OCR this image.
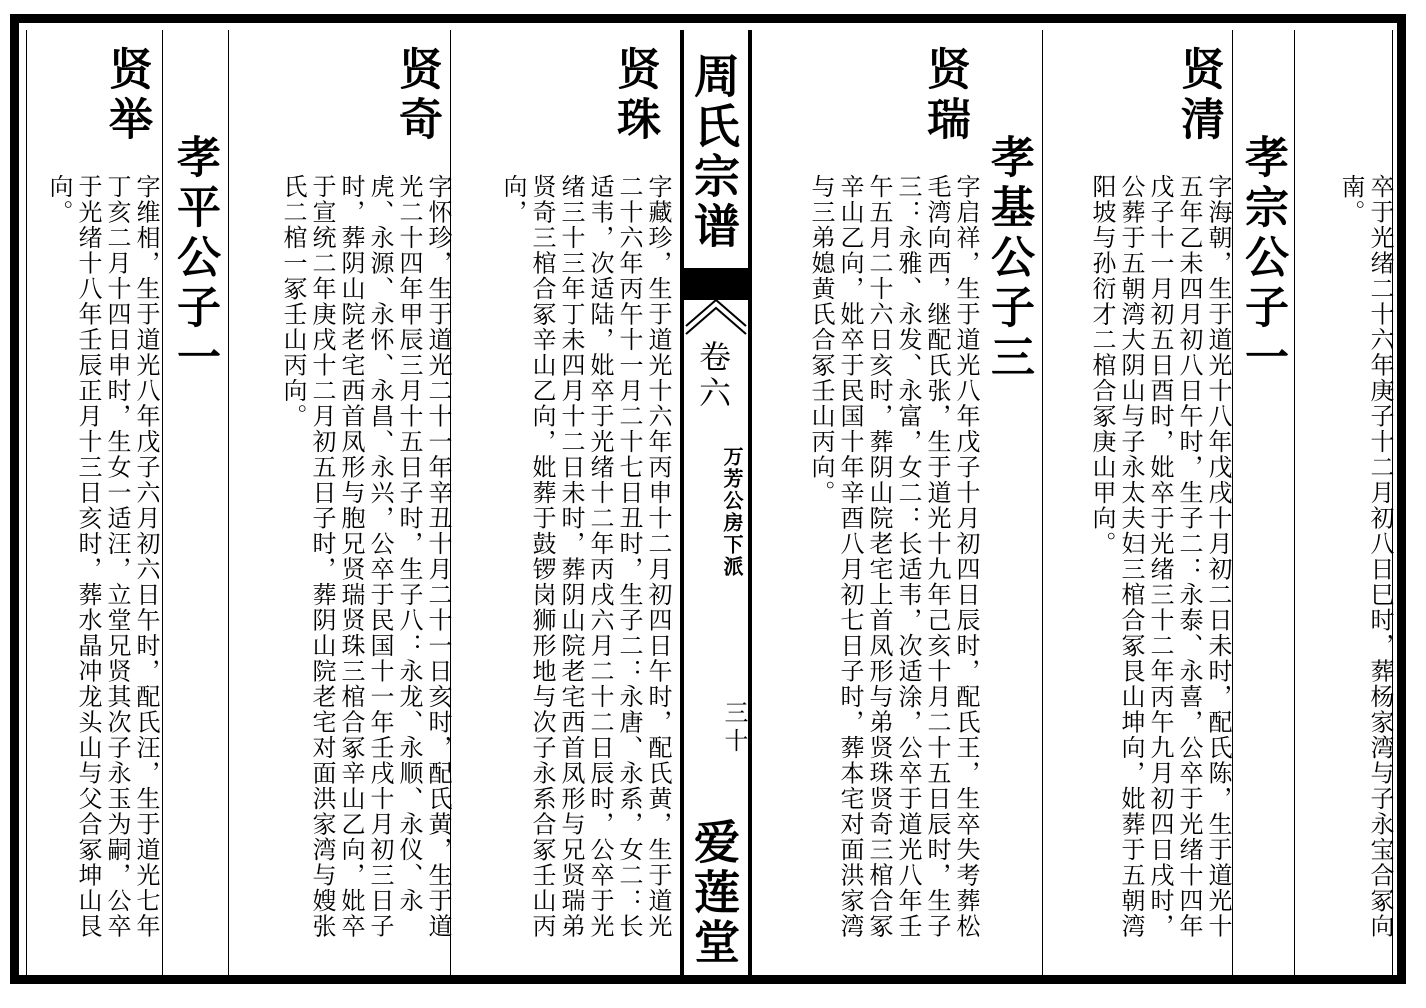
周氏宗谱
卷六
万芳公房下派
三十
爱莲堂	卒于光绪二十六年庚子十二月初八日巳时，葬杨家湾与子永宝合冢向南。
孝宗公子一
贤清
字海朝，生于道光十八年戊戌十月初二日未时，配氏陈，生于道光十五年乙未四月初八日午时，生子二：永泰、永喜，公卒于光绪十四年戊子十一月初五日酉时，妣卒于光绪三十二年丙午九月初四日戌时，公葬于五朝湾大阴山与子永太夫妇三棺合冢艮山坤向，妣葬于五朝湾阳坡与孙衍才二棺合冢庚山甲向。
孝基公子三
贤瑞
字启祥，生于道光八年戊子十月初四日辰时，配氏王，生卒失考葬松毛湾向西，继配氏张，生于道光十九年己亥十月二十五日辰时，生子三：永雅、永发、永富，女二：长适韦，次适涂，公卒于道光八年壬午五月二十六日亥时，葬阴山院老宅上首凤形与弟贤珠贤奇三棺合冢辛山乙向，妣卒于民国十年辛酉八月初七日子时，葬本宅对面洪家湾与三弟媳黄氏合冢壬山丙向。
贤珠
字藏珍，生于道光十六年丙申十二月初四日午时，配氏黄，生于道光二十六年丙午十一月二十七日丑时，生子二：永唐、永系，女二：长适韦，次适陆，妣卒于光绪十二年丙戌六月二十二日辰时，公卒于光绪三十三年丁未四月十二日未时，葬阴山院老宅西首凤形与兄贤瑞弟贤奇三棺合冢辛山乙向，妣葬于鼓锣岗狮形地与次子永系合冢壬山丙向，
贤奇
字怀珍，生于道光二十一年辛丑十月二十一日亥时，配氏黄，生于道光二十四年甲辰三月十五日子时，生子八：永龙、永顺、永仪、永虎、永源、永怀、永昌、永兴，公卒于民国十一年壬戌十月初三日子时，葬阴山院老宅西首凤形与胞兄贤瑞贤珠三棺合冢辛山乙向，妣卒于宣统二年庚戌十二月初五日子时，葬阴山院老宅对面洪家湾与嫂张氏二棺一冢壬山丙向。
孝平公子一
贤举
字维相，生于道光八年戊子六月初六日午时，配氏汪，生于道光七年丁亥二月十四日申时，生女一适汪，立堂兄贤其次子永玉为嗣，公卒于光绪十八年壬辰正月十三日亥时，葬水晶冲龙头山与父合冢坤山艮向。
